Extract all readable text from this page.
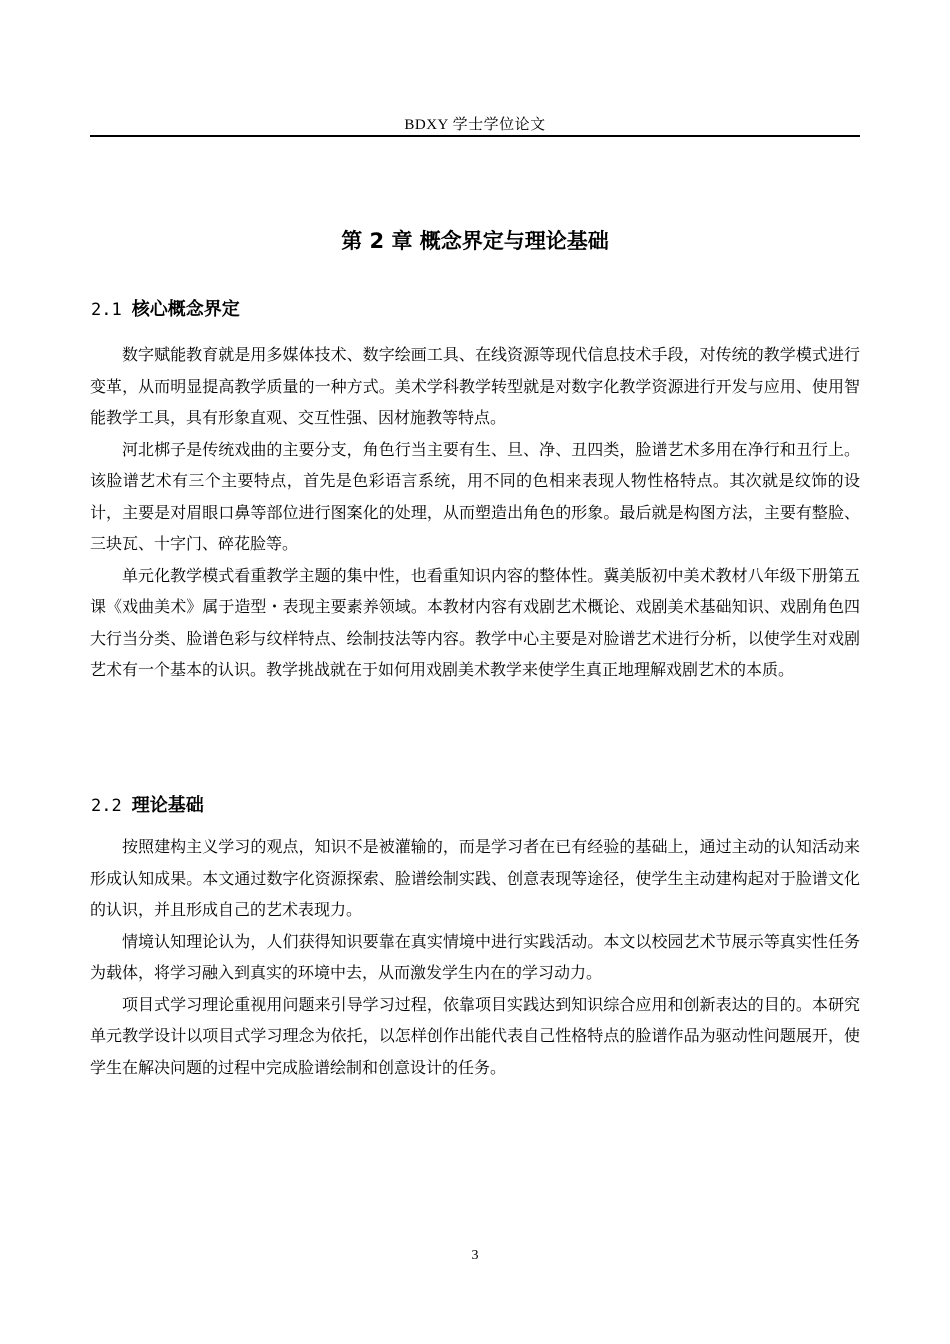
BDXY 学士学位论文
第 2 章 概念界定与理论基础
2.1 核心概念界定

数字赋能教育就是用多媒体技术、数字绘画工具、在线资源等现代信息技术手段，对传统的教学模式进行变革，从而明显提高教学质量的一种方式。美术学科教学转型就是对数字化教学资源进行开发与应用、使用智能教学工具，具有形象直观、交互性强、因材施教等特点。

河北梆子是传统戏曲的主要分支，角色行当主要有生、旦、净、丑四类，脸谱艺术多用在净行和丑行上。该脸谱艺术有三个主要特点，首先是色彩语言系统，用不同的色相来表现人物性格特点。其次就是纹饰的设计，主要是对眉眼口鼻等部位进行图案化的处理，从而塑造出角色的形象。最后就是构图方法，主要有整脸、三块瓦、十字门、碎花脸等。

单元化教学模式看重教学主题的集中性，也看重知识内容的整体性。冀美版初中美术教材八年级下册第五课《戏曲美术》属于造型・表现主要素养领域。本教材内容有戏剧艺术概论、戏剧美术基础知识、戏剧角色四大行当分类、脸谱色彩与纹样特点、绘制技法等内容。教学中心主要是对脸谱艺术进行分析，以使学生对戏剧艺术有一个基本的认识。教学挑战就在于如何用戏剧美术教学来使学生真正地理解戏剧艺术的本质。

2.2 理论基础

按照建构主义学习的观点，知识不是被灌输的，而是学习者在已有经验的基础上，通过主动的认知活动来形成认知成果。本文通过数字化资源探索、脸谱绘制实践、创意表现等途径，使学生主动建构起对于脸谱文化的认识，并且形成自己的艺术表现力。

情境认知理论认为，人们获得知识要靠在真实情境中进行实践活动。本文以校园艺术节展示等真实性任务为载体，将学习融入到真实的环境中去，从而激发学生内在的学习动力。

项目式学习理论重视用问题来引导学习过程，依靠项目实践达到知识综合应用和创新表达的目的。本研究单元教学设计以项目式学习理念为依托，以怎样创作出能代表自己性格特点的脸谱作品为驱动性问题展开，使学生在解决问题的过程中完成脸谱绘制和创意设计的任务。

3
